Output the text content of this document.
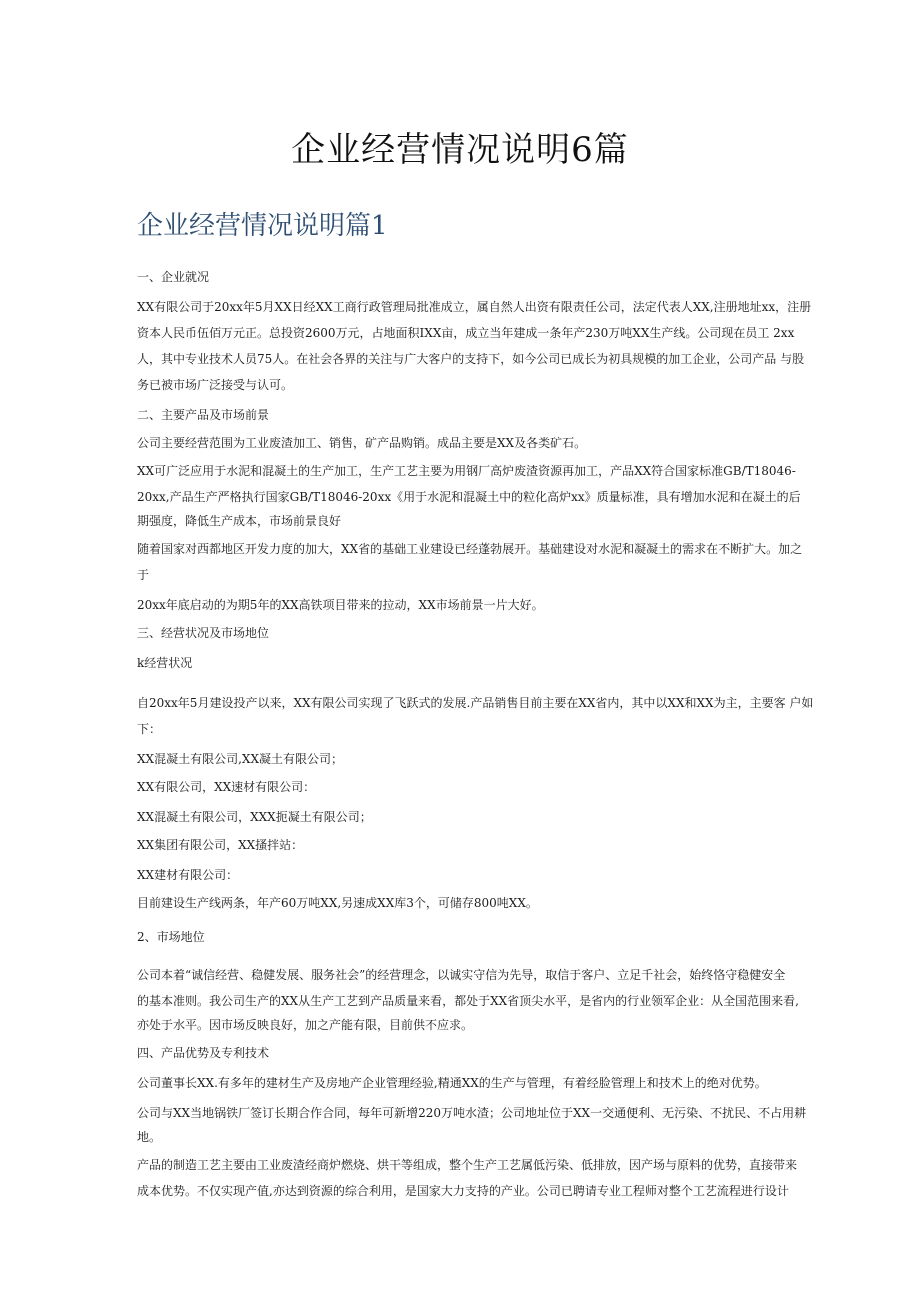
企业经营情况说明6篇
企业经营情况说明篇1

一、企业就况

XX有限公司于20xx年5月XX日经XX工商行政管理局批准成立，属自然人出资有限责任公司，法定代表人XX,注册地址xx，注册

资本人民币伍佰万元正。总投资2600万元，占地面积IXX亩，成立当年建成一条年产230万吨XX生产线。公司现在员工 2xx

人，其中专业技术人员75人。在社会各界的关注与广大客户的支持下，如今公司已成长为初具规模的加工企业，公司产品 与股

务已被市场广泛接受与认可。

二、主要产品及市场前景

公司主要经营范围为工业废渣加工、销售，矿产品购销。成品主要是XX及各类矿石。

XX可广泛应用于水泥和混凝土的生产加工，生产工艺主要为用钢厂高炉废渣资源再加工，产品XX符合国家标准GB/T18046-

20xx,产品生产严格执行国家GB/T18046-20xx《用于水泥和混凝土中的粒化高炉xx》质量标准，具有增加水泥和在凝土的后

期强度，降低生产成本，市场前景良好

随着国家对西都地区开发力度的加大，XX省的基础工业建设已经蓬勃展开。基础建设对水泥和凝凝土的需求在不断扩大。加之

于

20xx年底启动的为期5年的XX高铁项目带来的拉动，XX市场前景一片大好。

三、经营状况及市场地位

k经营状况

自20xx年5月建设投产以来，XX有限公司实现了飞跃式的发展.产品销售目前主要在XX省内，其中以XX和XX为主，主要客 户如

下：

XX混凝土有限公司,XX凝土有限公司；

XX有限公司，XX速材有限公司：

XX混凝土有限公司，XXX扼凝土有限公司；

XX集团有限公司，XX搔拌站：

XX建材有限公司：

目前建设生产线两条，年产60万吨XX,另速成XX库3个，可储存800吨XX。

2、市场地位

公司本着“诚信经营、稳健发展、服务社会”的经营理念，以诚实守信为先导，取信于客户、立足千社会，始终恪守稳健安全

的基本准则。我公司生产的XX从生产工艺到产品质量来看，都处于XX省顶尖水平，是省内的行业领军企业：从全国范围来看,

亦处于水平。因市场反映良好，加之产能有限，目前供不应求。

四、产品优势及专利技术

公司董事长XX.有多年的建材生产及房地产企业管理经验,精通XX的生产与管理，有着经脸管理上和技术上的绝对优势。

公司与XX当地锅铁厂签订长期合作合同，每年可新增220万吨水渣；公司地址位于XX一交通便利、无污染、不扰民、不占用耕

地。

产品的制造工艺主要由工业废渣经商炉燃烧、烘干等组成，整个生产工艺属低污染、低排放，因产场与原料的优势，直接带来

成本优势。不仅实现产值,亦达到资源的综合利用，是国家大力支持的产业。公司已聘请专业工程师对整个工艺流程进行设计
